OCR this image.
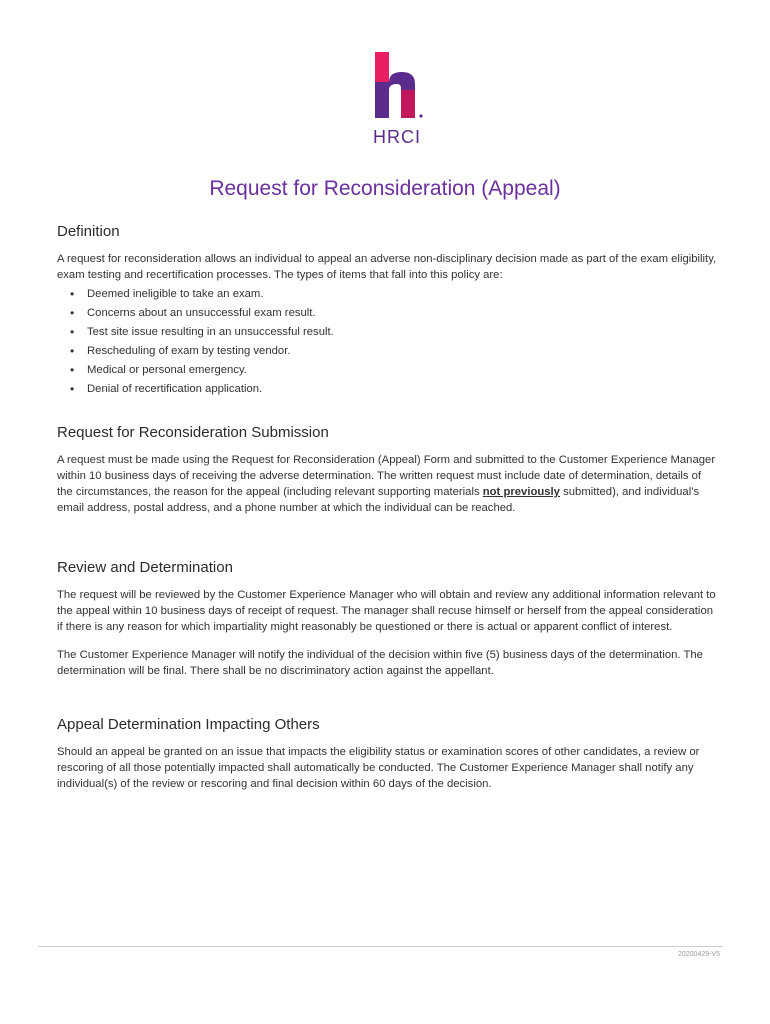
HRCI
Request for Reconsideration (Appeal)
Definition

A request for reconsideration allows an individual to appeal an adverse non-disciplinary decision made as part of the exam eligibility, exam testing and recertification processes. The types of items that fall into this policy are:

• Deemed ineligible to take an exam.
• Concerns about an unsuccessful exam result.
• Test site issue resulting in an unsuccessful result.
• Rescheduling of exam by testing vendor.
• Medical or personal emergency.
• Denial of recertification application.
Request for Reconsideration Submission

A request must be made using the Request for Reconsideration (Appeal) Form and submitted to the Customer Experience Manager within 10 business days of receiving the adverse determination. The written request must include date of determination, details of the circumstances, the reason for the appeal (including relevant supporting materials not previously submitted), and individual’s email address, postal address, and a phone number at which the individual can be reached.

Review and Determination

The request will be reviewed by the Customer Experience Manager who will obtain and review any additional information relevant to the appeal within 10 business days of receipt of request. The manager shall recuse himself or herself from the appeal consideration if there is any reason for which impartiality might reasonably be questioned or there is actual or apparent conflict of interest.

The Customer Experience Manager will notify the individual of the decision within five (5) business days of the determination. The determination will be final. There shall be no discriminatory action against the appellant.

Appeal Determination Impacting Others

Should an appeal be granted on an issue that impacts the eligibility status or examination scores of other candidates, a review or rescoring of all those potentially impacted shall automatically be conducted. The Customer Experience Manager shall notify any individual(s) of the review or rescoring and final decision within 60 days of the decision.

20200429-V5
